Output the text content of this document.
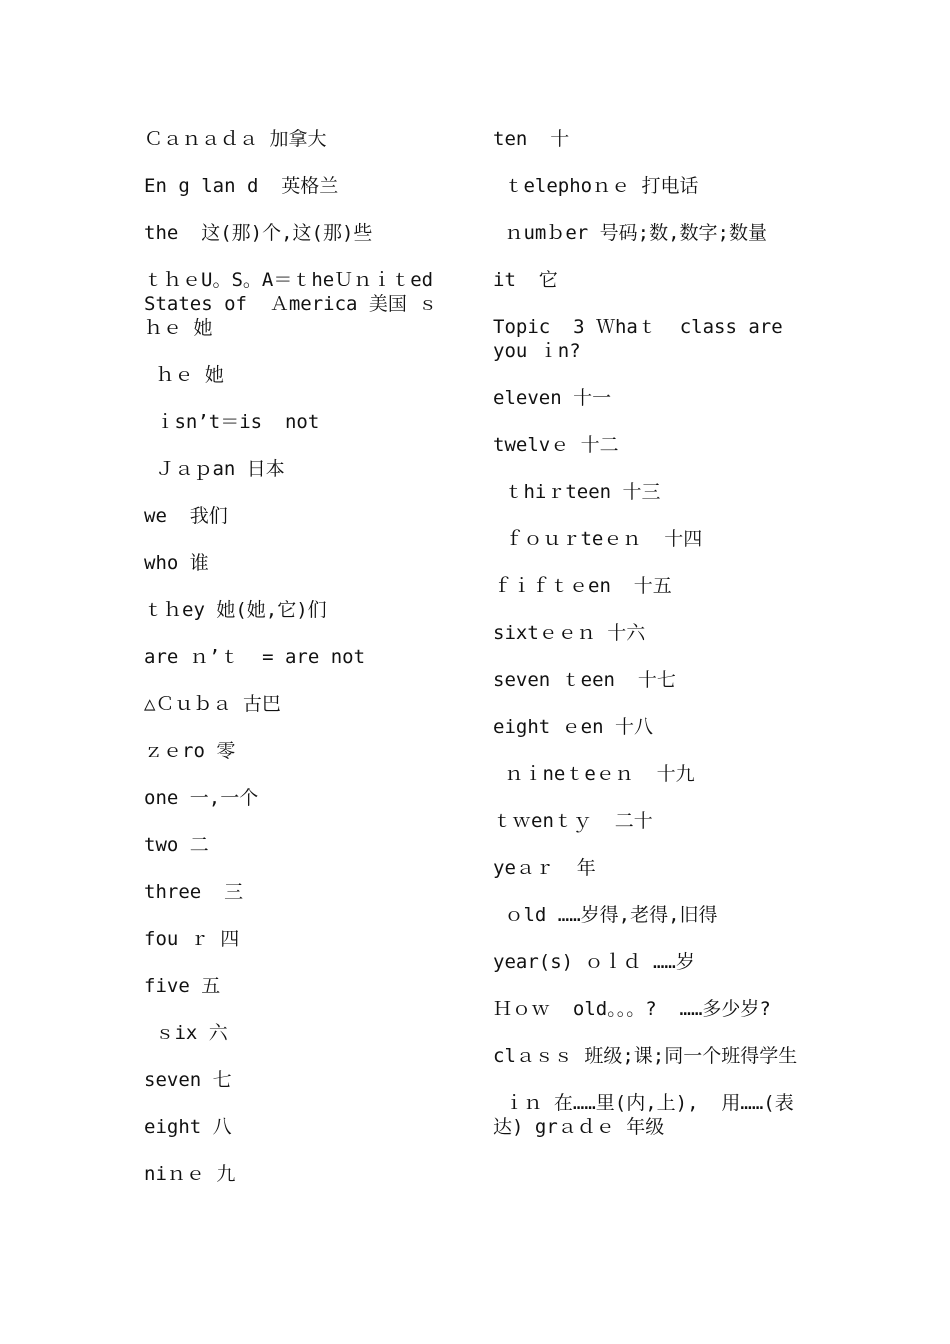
Ｃａｎａｄａ 加拿大
En g lan d  英格兰
the  这(那)个,这(那)些
ｔｈｅU。S。A＝ｔheＵｎｉｔed States of  Ａmerica 美国 ｓｈｅ 她
ｈｅ 她
ｉsn’t＝is  not
Ｊａｐan 日本
we  我们
who 谁
ｔｈey 她(她,它)们
are ｎ’ｔ  = are not
△Ｃｕｂａ 古巴
ｚｅro 零
one 一,一个
two 二
three  三
fou ｒ 四
five 五
ｓix 六
seven 七
eight 八
niｎｅ 九
ten  十
ｔelephoｎｅ 打电话
ｎumｂer 号码;数,数字;数量
it  它
Topic  3 Ｗhaｔ  class are you ｉn?
eleven 十一
twelvｅ 十二
ｔhiｒteen 十三
ｆｏｕｒteｅｎ  十四
ｆｉｆｔｅen  十五
sixtｅｅｎ 十六
seven ｔeen  十七
eight ｅen 十八
ｎｉneｔeｅｎ  十九
ｔｗenｔｙ  二十
yeａｒ  年
ｏld ……岁得,老得,旧得
year(s) ｏｌｄ ……岁
Ｈｏｗ  old。。。?  ……多少岁?
clａｓｓ 班级;课;同一个班得学生
ｉｎ 在……里(内,上),  用……(表达) grａｄｅ 年级
